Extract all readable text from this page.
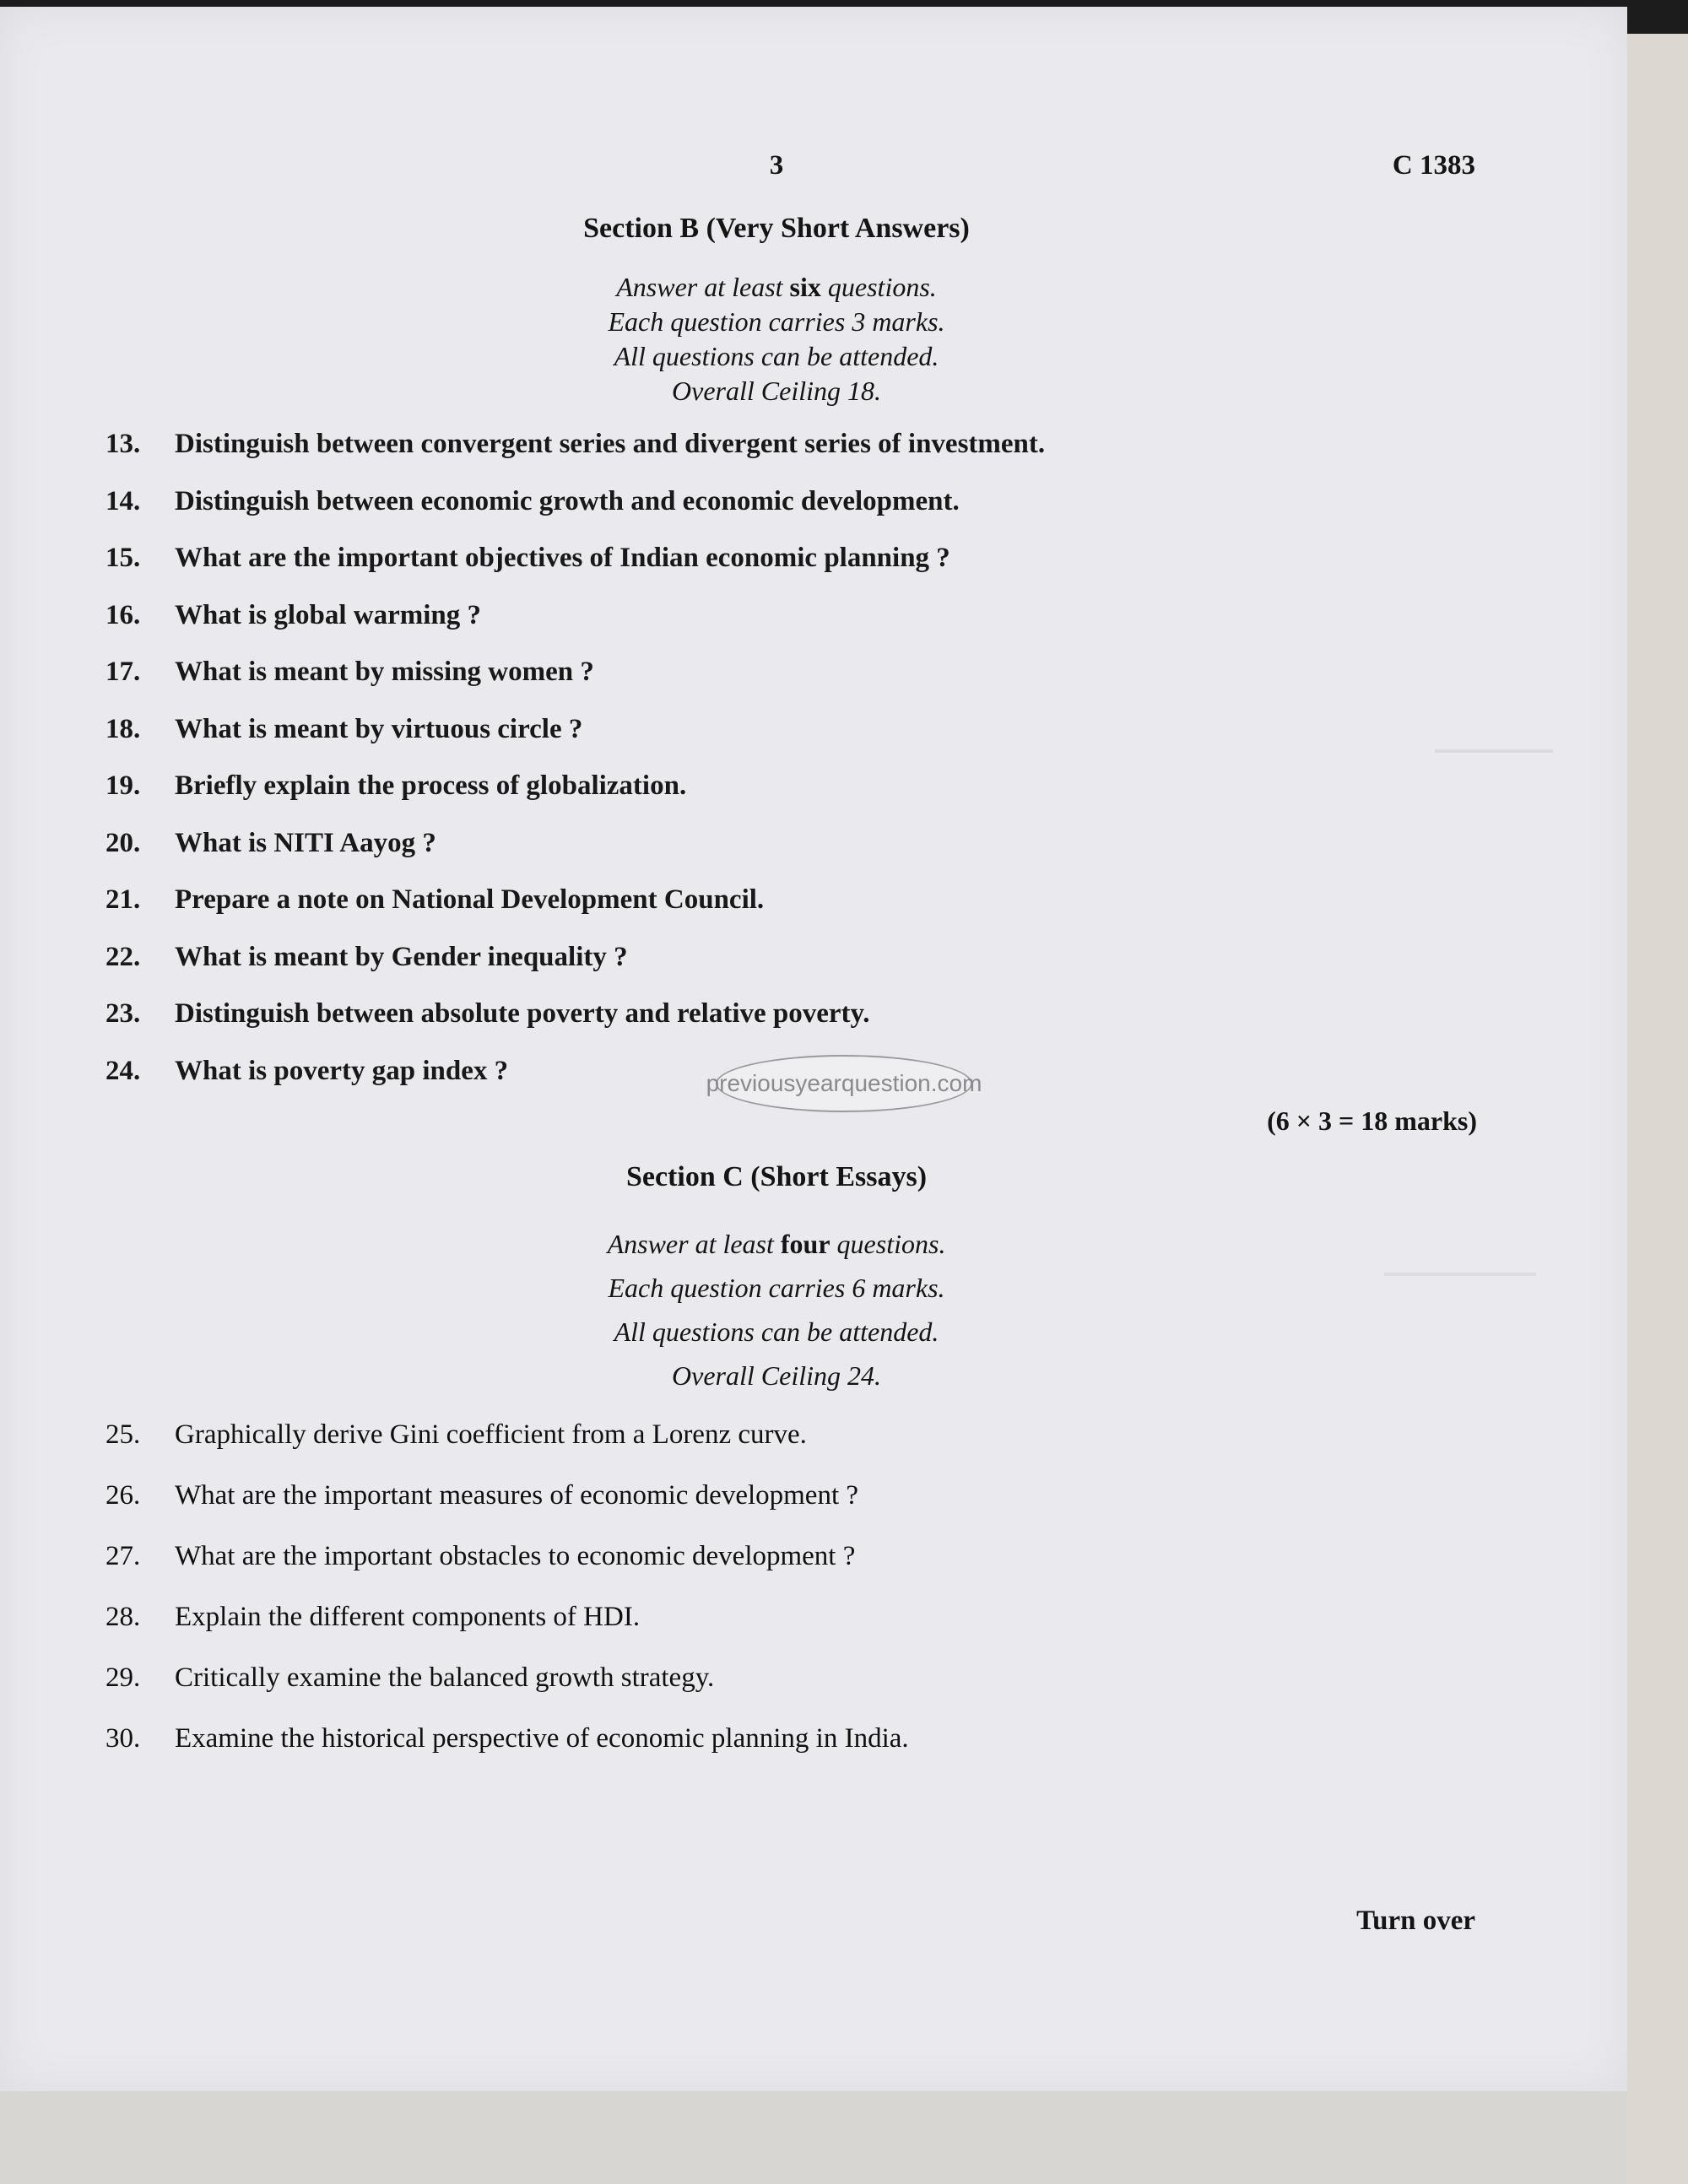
3	C 1383
Section B (Very Short Answers)
Answer at least six questions.
Each question carries 3 marks.
All questions can be attended.
Overall Ceiling 18.
13.	Distinguish between convergent series and divergent series of investment.
14.	Distinguish between economic growth and economic development.
15.	What are the important objectives of Indian economic planning ?
16.	What is global warming ?
17.	What is meant by missing women ?
18.	What is meant by virtuous circle ?
19.	Briefly explain the process of globalization.
20.	What is NITI Aayog ?
21.	Prepare a note on National Development Council.
22.	What is meant by Gender inequality ?
23.	Distinguish between absolute poverty and relative poverty.
24.	What is poverty gap index ?	previousyearquestion.com
(6 × 3 = 18 marks)
Section C (Short Essays)
Answer at least four questions.
Each question carries 6 marks.
All questions can be attended.
Overall Ceiling 24.
25.	Graphically derive Gini coefficient from a Lorenz curve.
26.	What are the important measures of economic development ?
27.	What are the important obstacles to economic development ?
28.	Explain the different components of HDI.
29.	Critically examine the balanced growth strategy.
30.	Examine the historical perspective of economic planning in India.
Turn over
